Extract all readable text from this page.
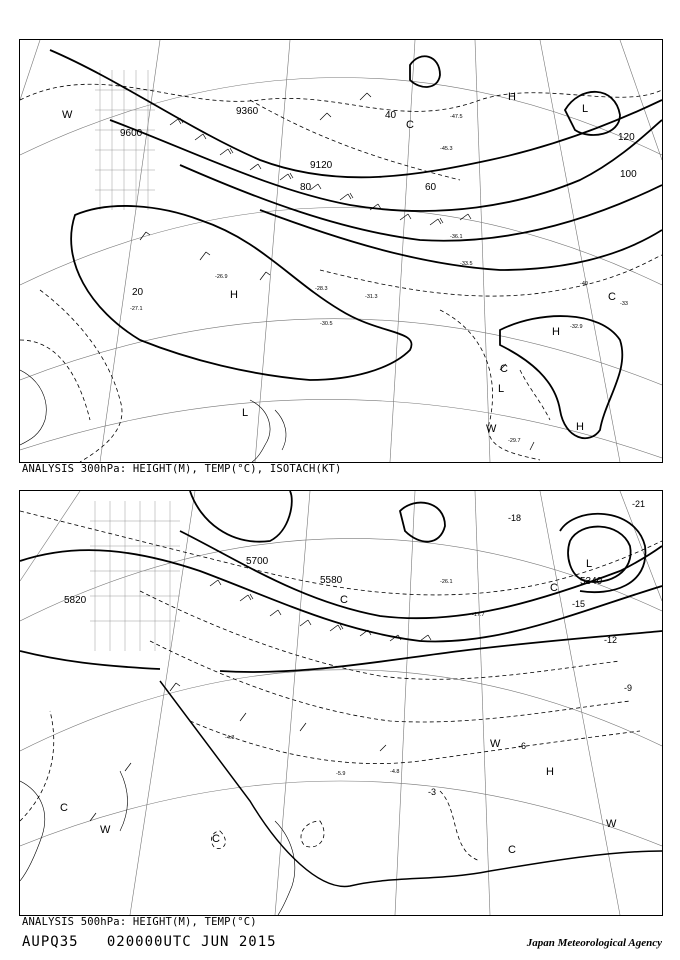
-27.1
-26.9
-28.3
-30.5	-32.9
-31.3
-36.1
-33.5
-47.5
-45.3
-40
-33
-29.7
9600
9360
9120
20
40
60
80
100
120
H
H
H
H
L
L
L
C
C
C
W
W
ANALYSIS 300hPa: HEIGHT(M), TEMP(°C), ISOTACH(KT)
-4.3
-5.9	-4.8
-26.1
-17.7
-21
-18
-15
-12
-9
-6
-3
5820
5700
5580	5340
H
L
C
C
C
C
C
W
W
W
ANALYSIS 500hPa: HEIGHT(M), TEMP(°C)
AUPQ35 020000UTC JUN 2015	Japan Meteorological Agency
